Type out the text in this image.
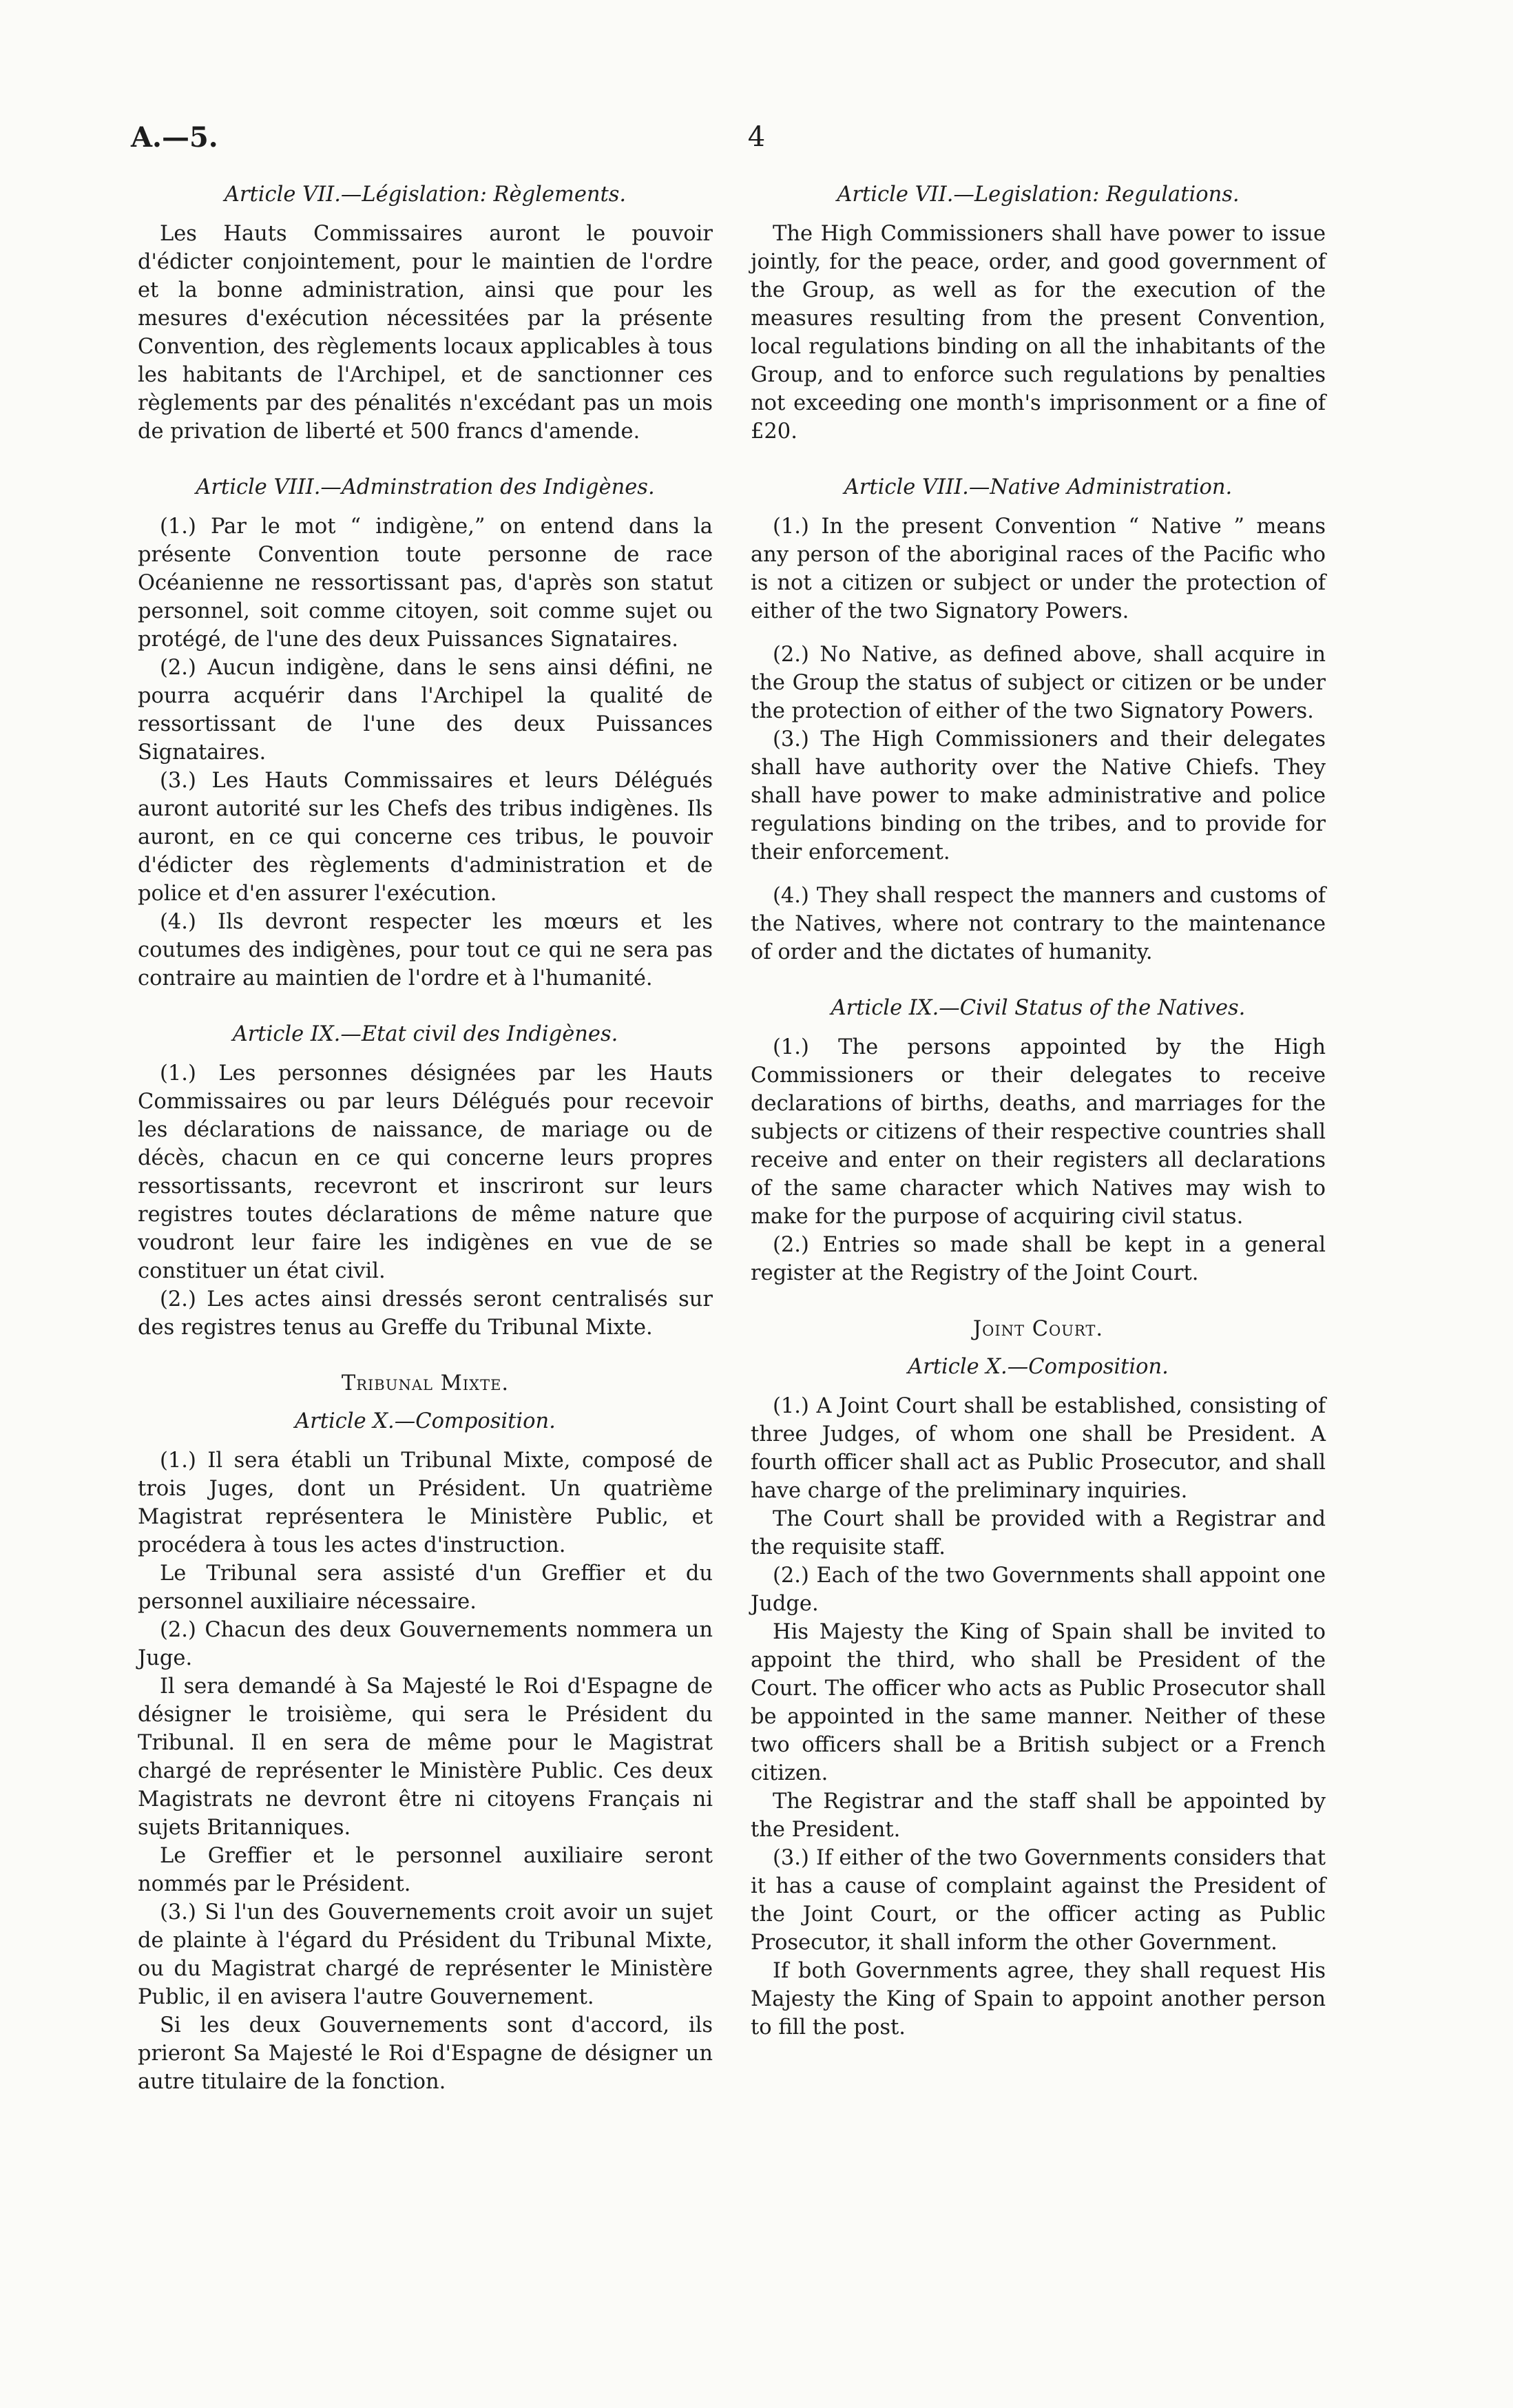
A.—5.	4
Article VII.—Législation: Règlements.

Les Hauts Commissaires auront le pouvoir d'édicter conjointement, pour le maintien de l'ordre et la bonne administration, ainsi que pour les mesures d'exécution nécessitées par la présente Convention, des règlements locaux applicables à tous les habitants de l'Archipel, et de sanctionner ces règlements par des pénalités n'excédant pas un mois de privation de liberté et 500 francs d'amende.

Article VIII.—Adminstration des Indigènes.

(1.) Par le mot “ indigène,” on entend dans la présente Convention toute personne de race Océanienne ne ressortissant pas, d'après son statut personnel, soit comme citoyen, soit comme sujet ou protégé, de l'une des deux Puissances Signataires.

(2.) Aucun indigène, dans le sens ainsi défini, ne pourra acquérir dans l'Archipel la qualité de ressortissant de l'une des deux Puissances Signataires.

(3.) Les Hauts Commissaires et leurs Délégués auront autorité sur les Chefs des tribus indigènes. Ils auront, en ce qui concerne ces tribus, le pouvoir d'édicter des règlements d'administration et de police et d'en assurer l'exécution.

(4.) Ils devront respecter les mœurs et les coutumes des indigènes, pour tout ce qui ne sera pas contraire au maintien de l'ordre et à l'humanité.

Article IX.—Etat civil des Indigènes.

(1.) Les personnes désignées par les Hauts Commissaires ou par leurs Délégués pour recevoir les déclarations de naissance, de mariage ou de décès, chacun en ce qui concerne leurs propres ressortissants, recevront et inscriront sur leurs registres toutes déclarations de même nature que voudront leur faire les indigènes en vue de se constituer un état civil.

(2.) Les actes ainsi dressés seront centralisés sur des registres tenus au Greffe du Tribunal Mixte.

Tribunal Mixte.
Article X.—Composition.

(1.) Il sera établi un Tribunal Mixte, composé de trois Juges, dont un Président. Un quatrième Magistrat représentera le Ministère Public, et procédera à tous les actes d'instruction.

Le Tribunal sera assisté d'un Greffier et du personnel auxiliaire nécessaire.

(2.) Chacun des deux Gouvernements nommera un Juge.

Il sera demandé à Sa Majesté le Roi d'Espagne de désigner le troisième, qui sera le Président du Tribunal. Il en sera de même pour le Magistrat chargé de représenter le Ministère Public. Ces deux Magistrats ne devront être ni citoyens Français ni sujets Britanniques.

Le Greffier et le personnel auxiliaire seront nommés par le Président.

(3.) Si l'un des Gouvernements croit avoir un sujet de plainte à l'égard du Président du Tribunal Mixte, ou du Magistrat chargé de représenter le Ministère Public, il en avisera l'autre Gouvernement.

Si les deux Gouvernements sont d'accord, ils prieront Sa Majesté le Roi d'Espagne de désigner un autre titulaire de la fonction.

Article VII.—Legislation: Regulations.

The High Commissioners shall have power to issue jointly, for the peace, order, and good government of the Group, as well as for the execution of the measures resulting from the present Convention, local regulations binding on all the inhabitants of the Group, and to enforce such regulations by penalties not exceeding one month's imprisonment or a fine of £20.

Article VIII.—Native Administration.

(1.) In the present Convention “ Native ” means any person of the aboriginal races of the Pacific who is not a citizen or subject or under the protection of either of the two Signatory Powers.

(2.) No Native, as defined above, shall acquire in the Group the status of subject or citizen or be under the protection of either of the two Signatory Powers.

(3.) The High Commissioners and their delegates shall have authority over the Native Chiefs. They shall have power to make administrative and police regulations binding on the tribes, and to provide for their enforcement.

(4.) They shall respect the manners and customs of the Natives, where not contrary to the maintenance of order and the dictates of humanity.

Article IX.—Civil Status of the Natives.

(1.) The persons appointed by the High Commissioners or their delegates to receive declarations of births, deaths, and marriages for the subjects or citizens of their respective countries shall receive and enter on their registers all declarations of the same character which Natives may wish to make for the purpose of acquiring civil status.

(2.) Entries so made shall be kept in a general register at the Registry of the Joint Court.

Joint Court.
Article X.—Composition.

(1.) A Joint Court shall be established, consisting of three Judges, of whom one shall be President. A fourth officer shall act as Public Prosecutor, and shall have charge of the preliminary inquiries.

The Court shall be provided with a Registrar and the requisite staff.

(2.) Each of the two Governments shall appoint one Judge.

His Majesty the King of Spain shall be invited to appoint the third, who shall be President of the Court. The officer who acts as Public Prosecutor shall be appointed in the same manner. Neither of these two officers shall be a British subject or a French citizen.

The Registrar and the staff shall be appointed by the President.

(3.) If either of the two Governments considers that it has a cause of complaint against the President of the Joint Court, or the officer acting as Public Prosecutor, it shall inform the other Government.

If both Governments agree, they shall request His Majesty the King of Spain to appoint another person to fill the post.
